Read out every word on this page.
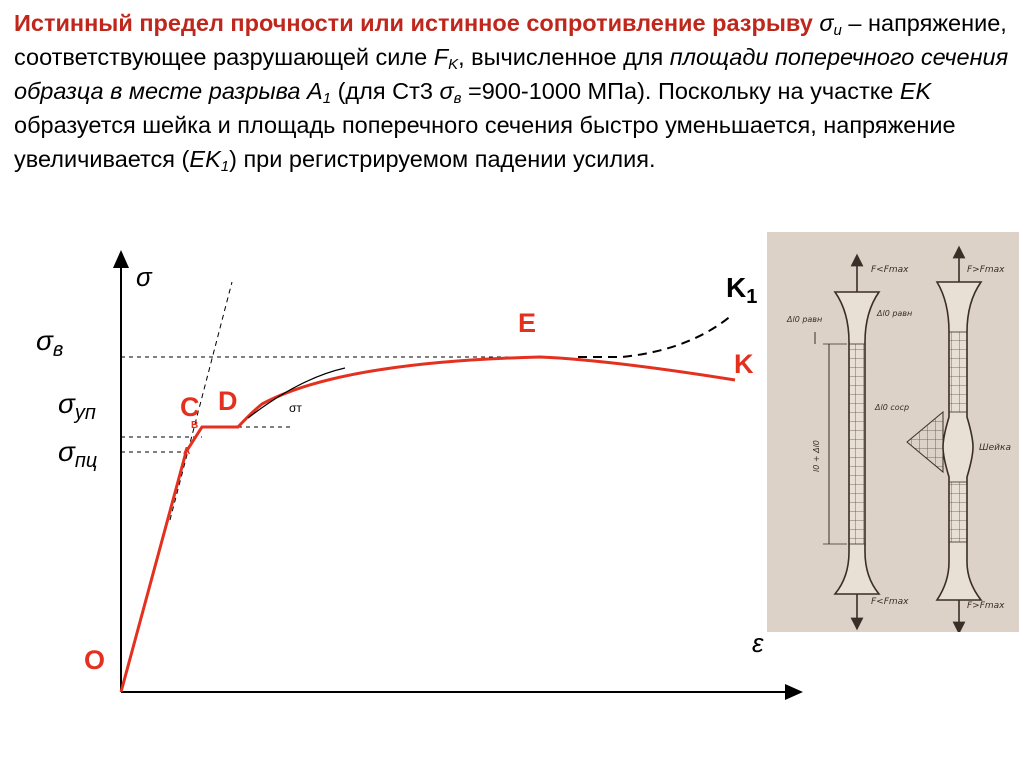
Истинный предел прочности или истинное сопротивление разрыву $\sigma_и$ – напряжение, соответствующее разрушающей силе $F_K$, вычисленное для площади поперечного сечения образца в месте разрыва $A_1$ (для Ст3 $\sigma_в =900-1000$ МПа). Поскольку на участке EK образуется шейка и площадь поперечного сечения быстро уменьшается, напряжение увеличивается $(EK_1)$ при регистрируемом падении усилия.
σ
ε
$\sigma_в$
$\sigma_{уп}$
$\sigma_{пц}$
σт
O
C D
E
K
$K_1$
B
A
F<Fmax
F<Fmax
Δl0 равн
l0 + Δl0
F>Fmax
F>Fmax
Δl0 равн
Δl0 соср
Шейка
